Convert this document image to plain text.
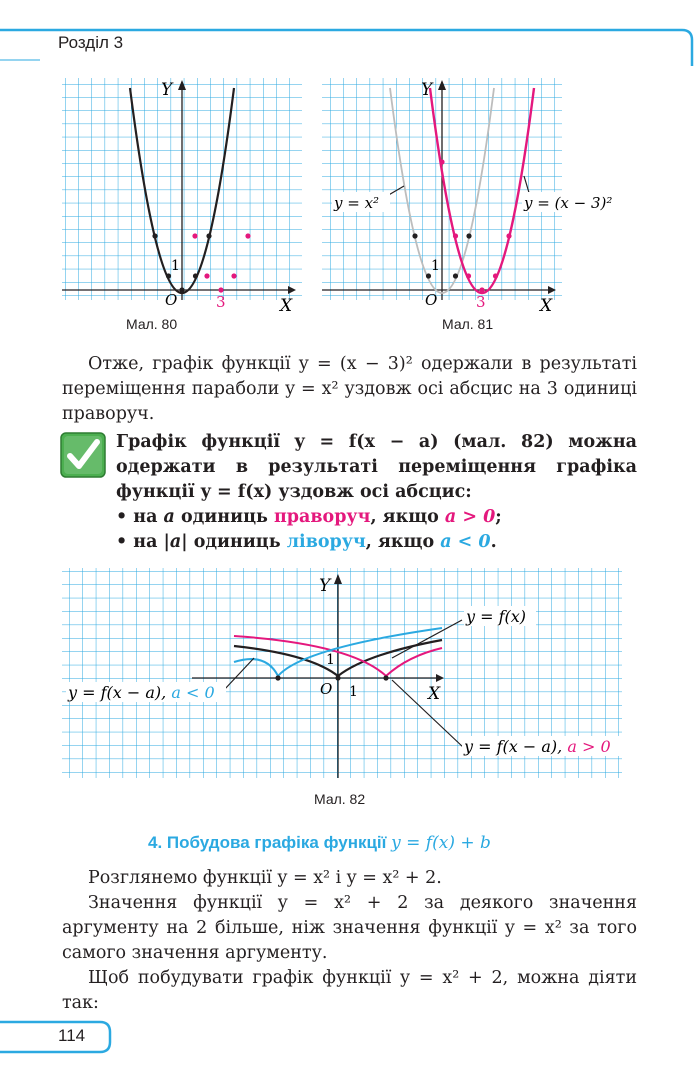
Розділ 3
Y
X
O
1
3
Мал. 80
Y
X
O
1
3
y = x²	y = (x − 3)²
Мал. 81
Отже, графік функції y = (x − 3)² одержали в результаті переміщення параболи y = x² уздовж осі абсцис на 3 одиниці праворуч.
Графік функції y = f(x − a) (мал. 82) можна одержати в результаті переміщення графіка функції y = f(x) уздовж осі абсцис:
• на a одиниць праворуч, якщо a > 0;
• на |a| одиниць ліворуч, якщо a < 0.
Y
X
O 1
1
y = f(x)
y = f(x − a), a < 0
y = f(x − a), a > 0
Мал. 82
4. Побудова графіка функції y = f(x) + b
Розглянемо функції y = x² і y = x² + 2.
Значення функції y = x² + 2 за деякого значення аргументу на 2 більше, ніж значення функції y = x² за того самого значення аргументу.
Щоб побудувати графік функції y = x² + 2, можна діяти так:
114
